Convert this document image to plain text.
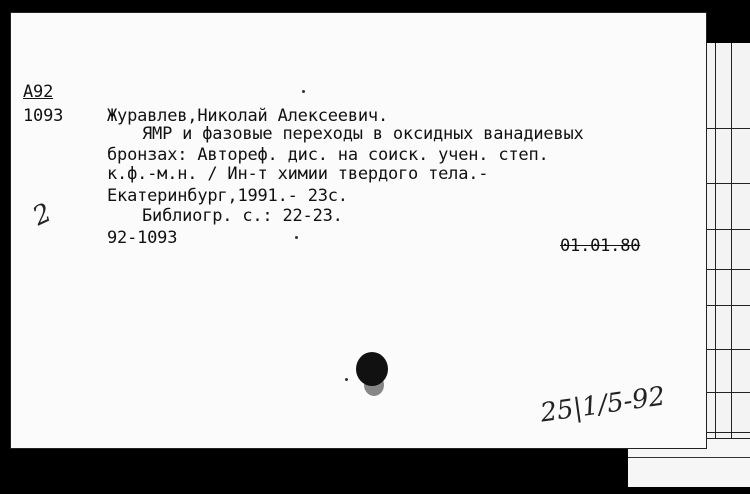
A92
1093	Журавлев,Николай Алексеевич.
ЯМР и фазовые переходы в оксидных ванадиевых
бронзах: Автореф. дис. на соиск. учен. степ.
к.ф.-м.н. / Ин-т химии твердого тела.-
Екатеринбург,1991.- 23с.
Библиогр. с.: 22-23.
92-1093	01.01.80
2
25|1/5-92
